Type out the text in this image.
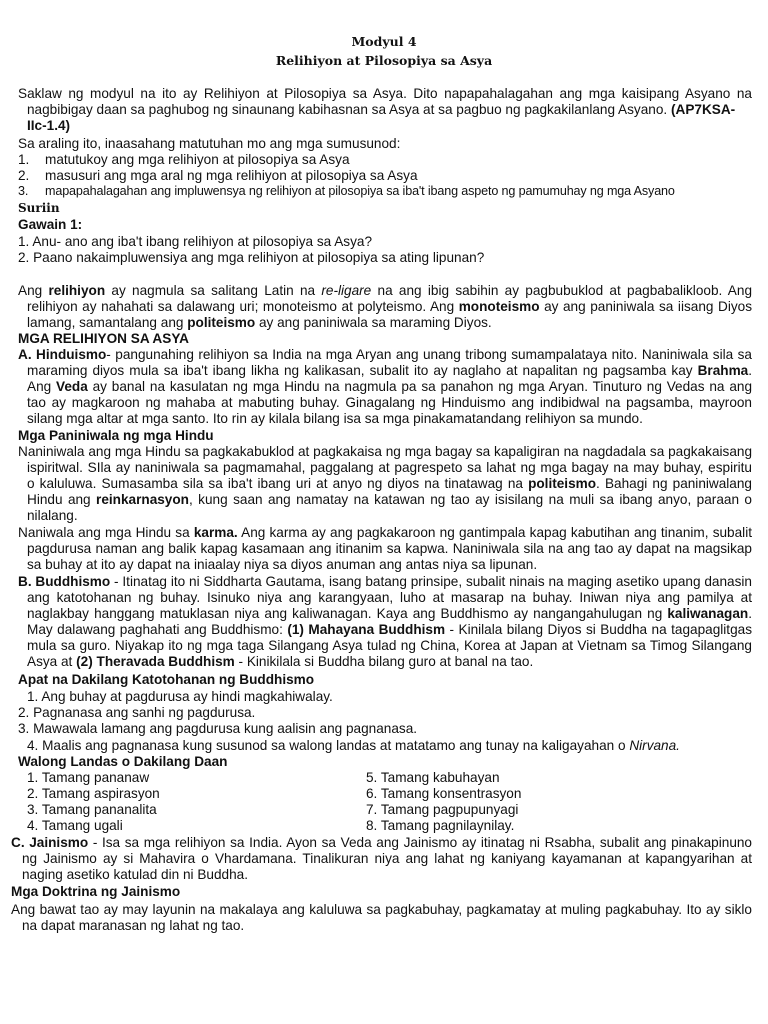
Modyul 4
Relihiyon at Pilosopiya sa Asya
Saklaw ng modyul na ito ay Relihiyon at Pilosopiya sa Asya. Dito napapahalagahan ang mga kaisipang Asyano na
nagbibigay daan sa paghubog ng sinaunang kabihasnan sa Asya at sa pagbuo ng pagkakilanlang Asyano. (AP7KSA-
IIc-1.4)
Sa araling ito, inaasahang matutuhan mo ang mga sumusunod:
1. matutukoy ang mga relihiyon at pilosopiya sa Asya
2. masusuri ang mga aral ng mga relihiyon at pilosopiya sa Asya
3. mapapahalagahan ang impluwensya ng relihiyon at pilosopiya sa iba't ibang aspeto ng pamumuhay ng mga Asyano
Suriin
Gawain 1:
1. Anu- ano ang iba't ibang relihiyon at pilosopiya sa Asya?
2. Paano nakaimpluwensiya ang mga relihiyon at pilosopiya sa ating lipunan?
Ang relihiyon ay nagmula sa salitang Latin na re-ligare na ang ibig sabihin ay pagbubuklod at pagbabalikloob. Ang
relihiyon ay nahahati sa dalawang uri; monoteismo at polyteismo. Ang monoteismo ay ang paniniwala sa iisang Diyos
lamang, samantalang ang politeismo ay ang paniniwala sa maraming Diyos.
MGA RELIHIYON SA ASYA
A. Hinduismo- pangunahing relihiyon sa India na mga Aryan ang unang tribong sumampalataya nito. Naniniwala sila sa
maraming diyos mula sa iba't ibang likha ng kalikasan, subalit ito ay naglaho at napalitan ng pagsamba kay Brahma.
Ang Veda ay banal na kasulatan ng mga Hindu na nagmula pa sa panahon ng mga Aryan. Tinuturo ng Vedas na ang
tao ay magkaroon ng mahaba at mabuting buhay. Ginagalang ng Hinduismo ang indibidwal na pagsamba, mayroon
silang mga altar at mga santo. Ito rin ay kilala bilang isa sa mga pinakamatandang relihiyon sa mundo.
Mga Paniniwala ng mga Hindu
Naniniwala ang mga Hindu sa pagkakabuklod at pagkakaisa ng mga bagay sa kapaligiran na nagdadala sa pagkakaisang
ispiritwal. SIla ay naniniwala sa pagmamahal, paggalang at pagrespeto sa lahat ng mga bagay na may buhay, espiritu
o kaluluwa. Sumasamba sila sa iba't ibang uri at anyo ng diyos na tinatawag na politeismo. Bahagi ng paniniwalang
Hindu ang reinkarnasyon, kung saan ang namatay na katawan ng tao ay isisilang na muli sa ibang anyo, paraan o
nilalang.
Naniwala ang mga Hindu sa karma. Ang karma ay ang pagkakaroon ng gantimpala kapag kabutihan ang tinanim, subalit
pagdurusa naman ang balik kapag kasamaan ang itinanim sa kapwa. Naniniwala sila na ang tao ay dapat na magsikap
sa buhay at ito ay dapat na iniaalay niya sa diyos anuman ang antas niya sa lipunan.
B. Buddhismo - Itinatag ito ni Siddharta Gautama, isang batang prinsipe, subalit ninais na maging asetiko upang danasin
ang katotohanan ng buhay. Isinuko niya ang karangyaan, luho at masarap na buhay. Iniwan niya ang pamilya at
naglakbay hanggang matuklasan niya ang kaliwanagan. Kaya ang Buddhismo ay nangangahulugan ng kaliwanagan.
May dalawang paghahati ang Buddhismo: (1) Mahayana Buddhism - Kinilala bilang Diyos si Buddha na tagapaglitgas
mula sa guro. Niyakap ito ng mga taga Silangang Asya tulad ng China, Korea at Japan at Vietnam sa Timog Silangang
Asya at (2) Theravada Buddhism - Kinikilala si Buddha bilang guro at banal na tao.
Apat na Dakilang Katotohanan ng Buddhismo
1. Ang buhay at pagdurusa ay hindi magkahiwalay.
2. Pagnanasa ang sanhi ng pagdurusa.
3. Mawawala lamang ang pagdurusa kung aalisin ang pagnanasa.
4. Maalis ang pagnanasa kung susunod sa walong landas at matatamo ang tunay na kaligayahan o Nirvana.
Walong Landas o Dakilang Daan
1. Tamang pananaw
2. Tamang aspirasyon
3. Tamang pananalita
4. Tamang ugali
5. Tamang kabuhayan
6. Tamang konsentrasyon
7. Tamang pagpupunyagi
8. Tamang pagnilaynilay.
C. Jainismo - Isa sa mga relihiyon sa India. Ayon sa Veda ang Jainismo ay itinatag ni Rsabha, subalit ang pinakapinuno
ng Jainismo ay si Mahavira o Vhardamana. Tinalikuran niya ang lahat ng kaniyang kayamanan at kapangyarihan at
naging asetiko katulad din ni Buddha.
Mga Doktrina ng Jainismo
Ang bawat tao ay may layunin na makalaya ang kaluluwa sa pagkabuhay, pagkamatay at muling pagkabuhay. Ito ay siklo
na dapat maranasan ng lahat ng tao.
